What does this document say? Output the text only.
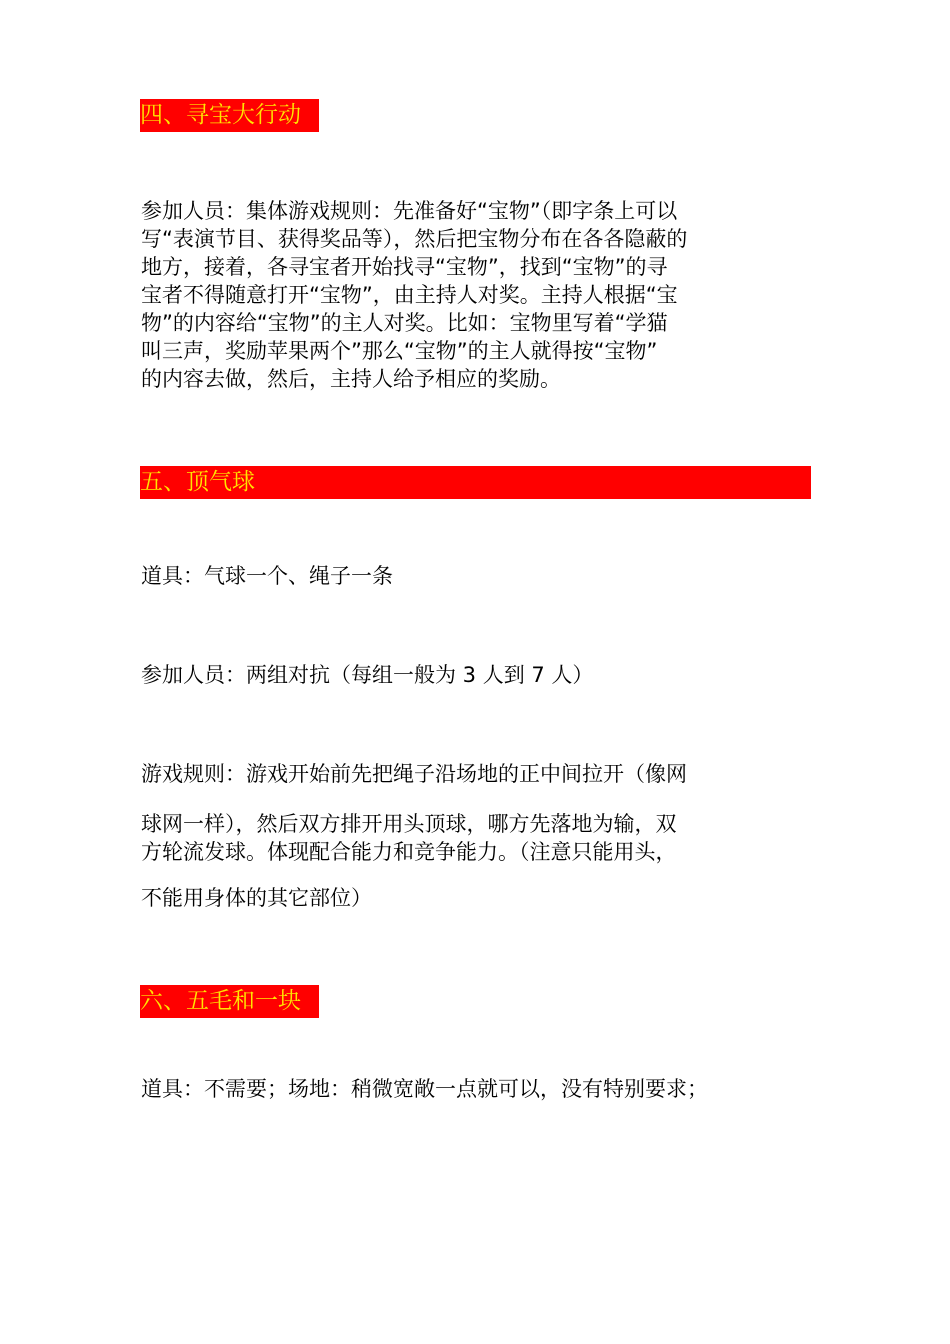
四、寻宝大行动
参加人员：集体游戏规则：先准备好“宝物”（即字条上可以
写“表演节目、获得奖品等），然后把宝物分布在各各隐蔽的
地方，接着，各寻宝者开始找寻“宝物”，找到“宝物”的寻
宝者不得随意打开“宝物”，由主持人对奖。主持人根据“宝
物”的内容给“宝物”的主人对奖。比如：宝物里写着“学猫
叫三声，奖励苹果两个”那么“宝物”的主人就得按“宝物”
的内容去做，然后，主持人给予相应的奖励。
五、顶气球
道具：气球一个、绳子一条
参加人员：两组对抗（每组一般为 3 人到 7 人）
游戏规则：游戏开始前先把绳子沿场地的正中间拉开（像网
球网一样），然后双方排开用头顶球，哪方先落地为输，双
方轮流发球。体现配合能力和竞争能力。（注意只能用头，
不能用身体的其它部位）
六、五毛和一块
道具：不需要；场地：稍微宽敞一点就可以，没有特别要求；
